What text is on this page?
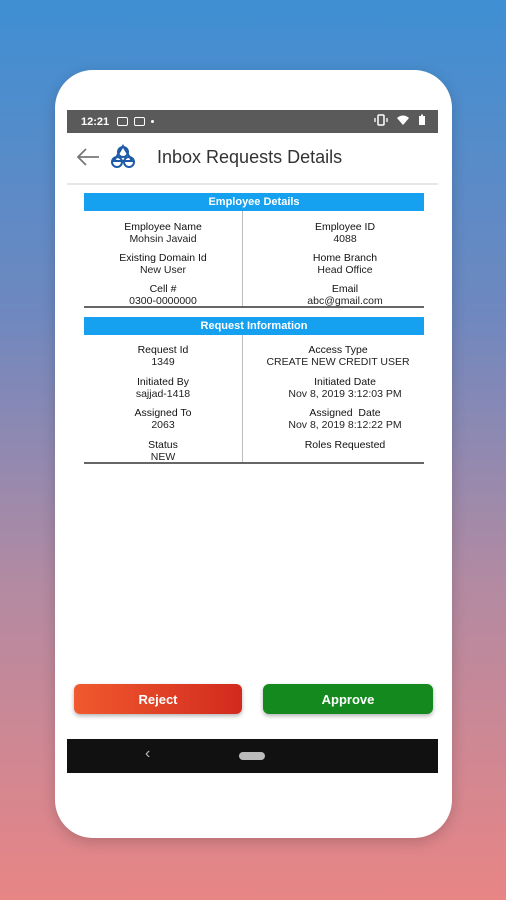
12:21
Inbox Requests Details
Employee Details
Employee Name
Mohsin Javaid
Employee ID
4088
Existing Domain Id
New User
Home Branch
Head Office
Cell #
0300-0000000
Email
abc@gmail.com
Request Information
Request Id
1349
Access Type
CREATE NEW CREDIT USER
Initiated By
sajjad-1418
Initiated Date
Nov 8, 2019 3:12:03 PM
Assigned To
2063
Assigned  Date
Nov 8, 2019 8:12:22 PM
Status
NEW
Roles Requested
Reject	Approve
‹
